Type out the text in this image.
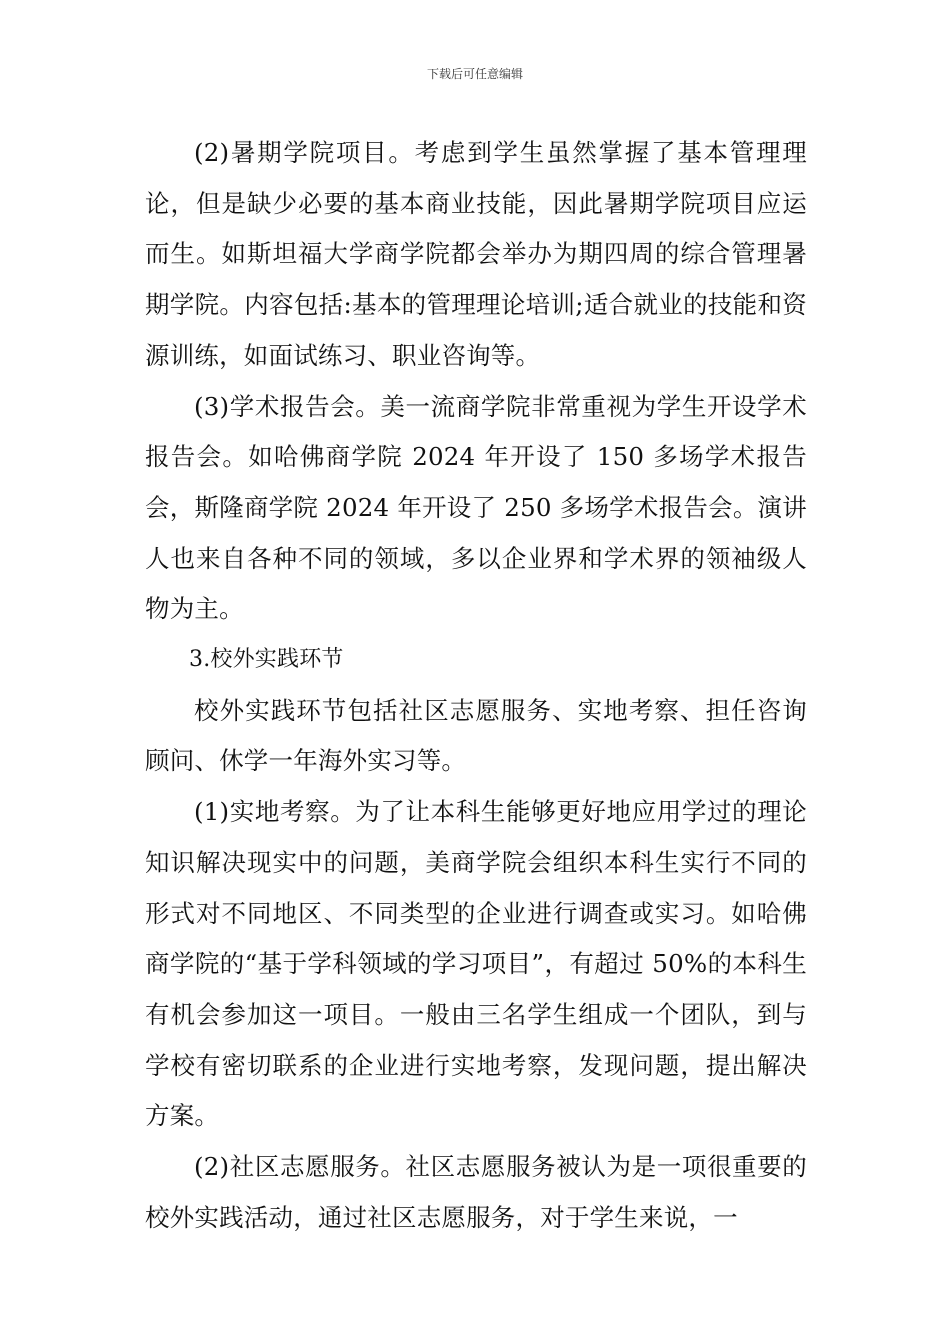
下载后可任意编辑

(2)暑期学院项目。考虑到学生虽然掌握了基本管理理论，但是缺少必要的基本商业技能，因此暑期学院项目应运而生。如斯坦福大学商学院都会举办为期四周的综合管理暑期学院。内容包括:基本的管理理论培训;适合就业的技能和资源训练，如面试练习、职业咨询等。

(3)学术报告会。美一流商学院非常重视为学生开设学术报告会。如哈佛商学院 2024 年开设了 150 多场学术报告会，斯隆商学院 2024 年开设了 250 多场学术报告会。演讲人也来自各种不同的领域，多以企业界和学术界的领袖级人物为主。

3.校外实践环节

校外实践环节包括社区志愿服务、实地考察、担任咨询顾问、休学一年海外实习等。

(1)实地考察。为了让本科生能够更好地应用学过的理论知识解决现实中的问题，美商学院会组织本科生实行不同的形式对不同地区、不同类型的企业进行调查或实习。如哈佛商学院的“基于学科领域的学习项目”，有超过 50%的本科生有机会参加这一项目。一般由三名学生组成一个团队，到与学校有密切联系的企业进行实地考察，发现问题，提出解决方案。

(2)社区志愿服务。社区志愿服务被认为是一项很重要的校外实践活动，通过社区志愿服务，对于学生来说，一
